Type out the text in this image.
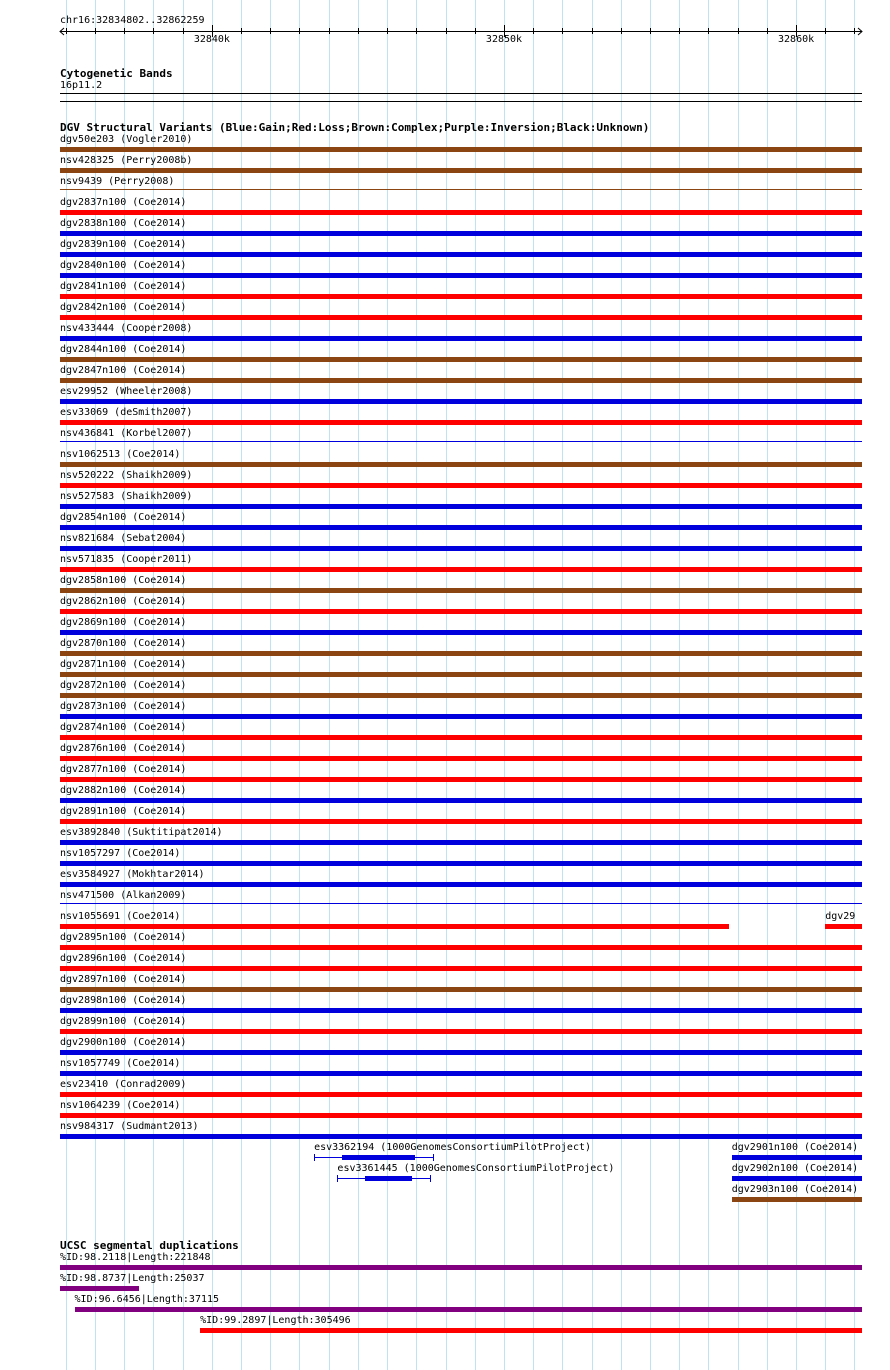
chr16:32834802..32862259
32840k	32850k	32860k
Cytogenetic Bands
16p11.2
DGV Structural Variants (Blue:Gain;Red:Loss;Brown:Complex;Purple:Inversion;Black:Unknown)
dgv50e203 (Vogler2010)
nsv428325 (Perry2008b)
nsv9439 (Perry2008)
dgv2837n100 (Coe2014)
dgv2838n100 (Coe2014)
dgv2839n100 (Coe2014)
dgv2840n100 (Coe2014)
dgv2841n100 (Coe2014)
dgv2842n100 (Coe2014)
nsv433444 (Cooper2008)
dgv2844n100 (Coe2014)
dgv2847n100 (Coe2014)
esv29952 (Wheeler2008)
esv33069 (deSmith2007)
nsv436841 (Korbel2007)
nsv1062513 (Coe2014)
nsv520222 (Shaikh2009)
nsv527583 (Shaikh2009)
dgv2854n100 (Coe2014)
nsv821684 (Sebat2004)
nsv571835 (Cooper2011)
dgv2858n100 (Coe2014)
dgv2862n100 (Coe2014)
dgv2869n100 (Coe2014)
dgv2870n100 (Coe2014)
dgv2871n100 (Coe2014)
dgv2872n100 (Coe2014)
dgv2873n100 (Coe2014)
dgv2874n100 (Coe2014)
dgv2876n100 (Coe2014)
dgv2877n100 (Coe2014)
dgv2882n100 (Coe2014)
dgv2891n100 (Coe2014)
esv3892840 (Suktitipat2014)
nsv1057297 (Coe2014)
esv3584927 (Mokhtar2014)
nsv471500 (Alkan2009)
nsv1055691 (Coe2014)	dgv29
dgv2895n100 (Coe2014)
dgv2896n100 (Coe2014)
dgv2897n100 (Coe2014)
dgv2898n100 (Coe2014)
dgv2899n100 (Coe2014)
dgv2900n100 (Coe2014)
nsv1057749 (Coe2014)
esv23410 (Conrad2009)
nsv1064239 (Coe2014)
nsv984317 (Sudmant2013)
esv3362194 (1000GenomesConsortiumPilotProject)	dgv2901n100 (Coe2014)
esv3361445 (1000GenomesConsortiumPilotProject)	dgv2902n100 (Coe2014)
dgv2903n100 (Coe2014)
UCSC segmental duplications
%ID:98.2118|Length:221848
%ID:98.8737|Length:25037
%ID:96.6456|Length:37115
%ID:99.2897|Length:305496
